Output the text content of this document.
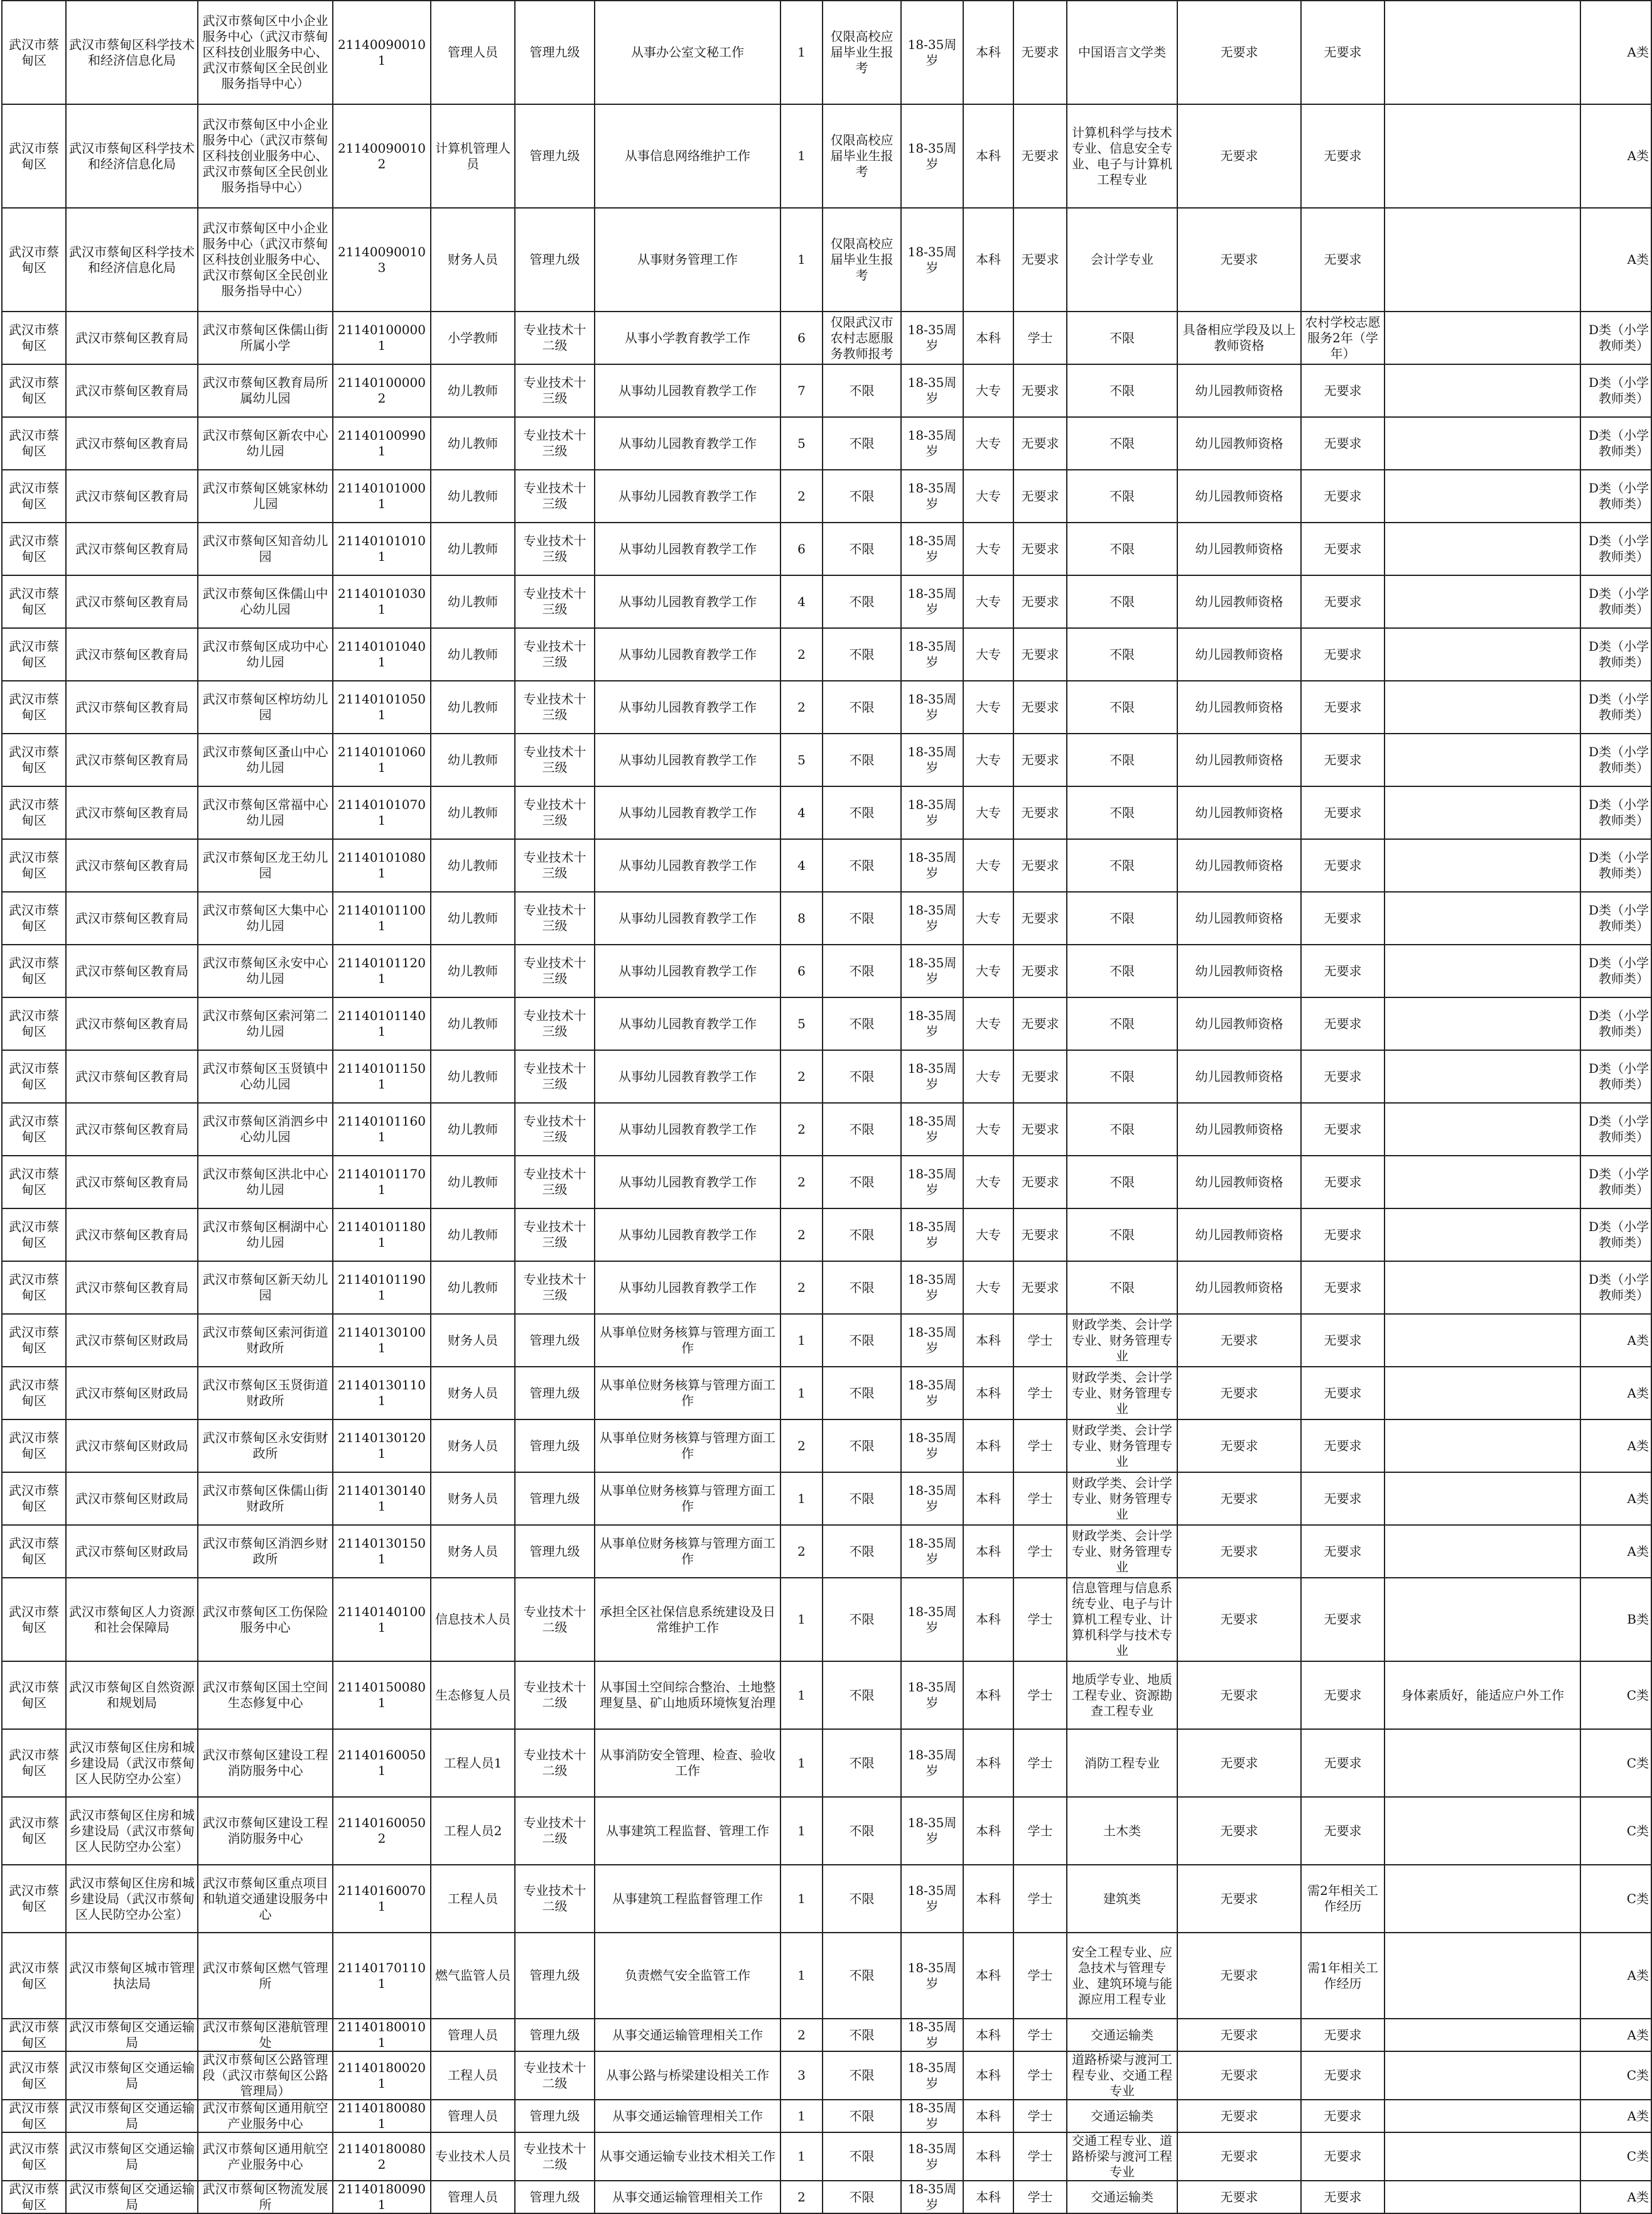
武汉市蔡甸区	武汉市蔡甸区科学技术和经济信息化局	武汉市蔡甸区中小企业服务中心（武汉市蔡甸区科技创业服务中心、武汉市蔡甸区全民创业服务指导中心）	211400900101	管理人员	管理九级	从事办公室文秘工作	1	仅限高校应届毕业生报考	18-35周岁	本科	无要求	中国语言文学类	无要求	无要求		A类
武汉市蔡甸区	武汉市蔡甸区科学技术和经济信息化局	武汉市蔡甸区中小企业服务中心（武汉市蔡甸区科技创业服务中心、武汉市蔡甸区全民创业服务指导中心）	211400900102	计算机管理人员	管理九级	从事信息网络维护工作	1	仅限高校应届毕业生报考	18-35周岁	本科	无要求	计算机科学与技术专业、信息安全专业、电子与计算机工程专业	无要求	无要求		A类
武汉市蔡甸区	武汉市蔡甸区科学技术和经济信息化局	武汉市蔡甸区中小企业服务中心（武汉市蔡甸区科技创业服务中心、武汉市蔡甸区全民创业服务指导中心）	211400900103	财务人员	管理九级	从事财务管理工作	1	仅限高校应届毕业生报考	18-35周岁	本科	无要求	会计学专业	无要求	无要求		A类
武汉市蔡甸区	武汉市蔡甸区教育局	武汉市蔡甸区侏儒山街所属小学	211401000001	小学教师	专业技术十二级	从事小学教育教学工作	6	仅限武汉市农村志愿服务教师报考	18-35周岁	本科	学士	不限	具备相应学段及以上教师资格	农村学校志愿服务2年（学年）		D类（小学教师类）
武汉市蔡甸区	武汉市蔡甸区教育局	武汉市蔡甸区教育局所属幼儿园	211401000002	幼儿教师	专业技术十三级	从事幼儿园教育教学工作	7	不限	18-35周岁	大专	无要求	不限	幼儿园教师资格	无要求		D类（小学教师类）
武汉市蔡甸区	武汉市蔡甸区教育局	武汉市蔡甸区新农中心幼儿园	211401009901	幼儿教师	专业技术十三级	从事幼儿园教育教学工作	5	不限	18-35周岁	大专	无要求	不限	幼儿园教师资格	无要求		D类（小学教师类）
武汉市蔡甸区	武汉市蔡甸区教育局	武汉市蔡甸区姚家林幼儿园	211401010001	幼儿教师	专业技术十三级	从事幼儿园教育教学工作	2	不限	18-35周岁	大专	无要求	不限	幼儿园教师资格	无要求		D类（小学教师类）
武汉市蔡甸区	武汉市蔡甸区教育局	武汉市蔡甸区知音幼儿园	211401010101	幼儿教师	专业技术十三级	从事幼儿园教育教学工作	6	不限	18-35周岁	大专	无要求	不限	幼儿园教师资格	无要求		D类（小学教师类）
武汉市蔡甸区	武汉市蔡甸区教育局	武汉市蔡甸区侏儒山中心幼儿园	211401010301	幼儿教师	专业技术十三级	从事幼儿园教育教学工作	4	不限	18-35周岁	大专	无要求	不限	幼儿园教师资格	无要求		D类（小学教师类）
武汉市蔡甸区	武汉市蔡甸区教育局	武汉市蔡甸区成功中心幼儿园	211401010401	幼儿教师	专业技术十三级	从事幼儿园教育教学工作	2	不限	18-35周岁	大专	无要求	不限	幼儿园教师资格	无要求		D类（小学教师类）
武汉市蔡甸区	武汉市蔡甸区教育局	武汉市蔡甸区榨坊幼儿园	211401010501	幼儿教师	专业技术十三级	从事幼儿园教育教学工作	2	不限	18-35周岁	大专	无要求	不限	幼儿园教师资格	无要求		D类（小学教师类）
武汉市蔡甸区	武汉市蔡甸区教育局	武汉市蔡甸区蚤山中心幼儿园	211401010601	幼儿教师	专业技术十三级	从事幼儿园教育教学工作	5	不限	18-35周岁	大专	无要求	不限	幼儿园教师资格	无要求		D类（小学教师类）
武汉市蔡甸区	武汉市蔡甸区教育局	武汉市蔡甸区常福中心幼儿园	211401010701	幼儿教师	专业技术十三级	从事幼儿园教育教学工作	4	不限	18-35周岁	大专	无要求	不限	幼儿园教师资格	无要求		D类（小学教师类）
武汉市蔡甸区	武汉市蔡甸区教育局	武汉市蔡甸区龙王幼儿园	211401010801	幼儿教师	专业技术十三级	从事幼儿园教育教学工作	4	不限	18-35周岁	大专	无要求	不限	幼儿园教师资格	无要求		D类（小学教师类）
武汉市蔡甸区	武汉市蔡甸区教育局	武汉市蔡甸区大集中心幼儿园	211401011001	幼儿教师	专业技术十三级	从事幼儿园教育教学工作	8	不限	18-35周岁	大专	无要求	不限	幼儿园教师资格	无要求		D类（小学教师类）
武汉市蔡甸区	武汉市蔡甸区教育局	武汉市蔡甸区永安中心幼儿园	211401011201	幼儿教师	专业技术十三级	从事幼儿园教育教学工作	6	不限	18-35周岁	大专	无要求	不限	幼儿园教师资格	无要求		D类（小学教师类）
武汉市蔡甸区	武汉市蔡甸区教育局	武汉市蔡甸区索河第二幼儿园	211401011401	幼儿教师	专业技术十三级	从事幼儿园教育教学工作	5	不限	18-35周岁	大专	无要求	不限	幼儿园教师资格	无要求		D类（小学教师类）
武汉市蔡甸区	武汉市蔡甸区教育局	武汉市蔡甸区玉贤镇中心幼儿园	211401011501	幼儿教师	专业技术十三级	从事幼儿园教育教学工作	2	不限	18-35周岁	大专	无要求	不限	幼儿园教师资格	无要求		D类（小学教师类）
武汉市蔡甸区	武汉市蔡甸区教育局	武汉市蔡甸区消泗乡中心幼儿园	211401011601	幼儿教师	专业技术十三级	从事幼儿园教育教学工作	2	不限	18-35周岁	大专	无要求	不限	幼儿园教师资格	无要求		D类（小学教师类）
武汉市蔡甸区	武汉市蔡甸区教育局	武汉市蔡甸区洪北中心幼儿园	211401011701	幼儿教师	专业技术十三级	从事幼儿园教育教学工作	2	不限	18-35周岁	大专	无要求	不限	幼儿园教师资格	无要求		D类（小学教师类）
武汉市蔡甸区	武汉市蔡甸区教育局	武汉市蔡甸区桐湖中心幼儿园	211401011801	幼儿教师	专业技术十三级	从事幼儿园教育教学工作	2	不限	18-35周岁	大专	无要求	不限	幼儿园教师资格	无要求		D类（小学教师类）
武汉市蔡甸区	武汉市蔡甸区教育局	武汉市蔡甸区新天幼儿园	211401011901	幼儿教师	专业技术十三级	从事幼儿园教育教学工作	2	不限	18-35周岁	大专	无要求	不限	幼儿园教师资格	无要求		D类（小学教师类）
武汉市蔡甸区	武汉市蔡甸区财政局	武汉市蔡甸区索河街道财政所	211401301001	财务人员	管理九级	从事单位财务核算与管理方面工作	1	不限	18-35周岁	本科	学士	财政学类、会计学专业、财务管理专业	无要求	无要求		A类
武汉市蔡甸区	武汉市蔡甸区财政局	武汉市蔡甸区玉贤街道财政所	211401301101	财务人员	管理九级	从事单位财务核算与管理方面工作	1	不限	18-35周岁	本科	学士	财政学类、会计学专业、财务管理专业	无要求	无要求		A类
武汉市蔡甸区	武汉市蔡甸区财政局	武汉市蔡甸区永安街财政所	211401301201	财务人员	管理九级	从事单位财务核算与管理方面工作	2	不限	18-35周岁	本科	学士	财政学类、会计学专业、财务管理专业	无要求	无要求		A类
武汉市蔡甸区	武汉市蔡甸区财政局	武汉市蔡甸区侏儒山街财政所	211401301401	财务人员	管理九级	从事单位财务核算与管理方面工作	1	不限	18-35周岁	本科	学士	财政学类、会计学专业、财务管理专业	无要求	无要求		A类
武汉市蔡甸区	武汉市蔡甸区财政局	武汉市蔡甸区消泗乡财政所	211401301501	财务人员	管理九级	从事单位财务核算与管理方面工作	2	不限	18-35周岁	本科	学士	财政学类、会计学专业、财务管理专业	无要求	无要求		A类
武汉市蔡甸区	武汉市蔡甸区人力资源和社会保障局	武汉市蔡甸区工伤保险服务中心	211401401001	信息技术人员	专业技术十二级	承担全区社保信息系统建设及日常维护工作	1	不限	18-35周岁	本科	学士	信息管理与信息系统专业、电子与计算机工程专业、计算机科学与技术专业	无要求	无要求		B类
武汉市蔡甸区	武汉市蔡甸区自然资源和规划局	武汉市蔡甸区国土空间生态修复中心	211401500801	生态修复人员	专业技术十二级	从事国土空间综合整治、土地整理复垦、矿山地质环境恢复治理	1	不限	18-35周岁	本科	学士	地质学专业、地质工程专业、资源勘查工程专业	无要求	无要求	身体素质好，能适应户外工作	C类
武汉市蔡甸区	武汉市蔡甸区住房和城乡建设局（武汉市蔡甸区人民防空办公室）	武汉市蔡甸区建设工程消防服务中心	211401600501	工程人员1	专业技术十二级	从事消防安全管理、检查、验收工作	1	不限	18-35周岁	本科	学士	消防工程专业	无要求	无要求		C类
武汉市蔡甸区	武汉市蔡甸区住房和城乡建设局（武汉市蔡甸区人民防空办公室）	武汉市蔡甸区建设工程消防服务中心	211401600502	工程人员2	专业技术十二级	从事建筑工程监督、管理工作	1	不限	18-35周岁	本科	学士	土木类	无要求	无要求		C类
武汉市蔡甸区	武汉市蔡甸区住房和城乡建设局（武汉市蔡甸区人民防空办公室）	武汉市蔡甸区重点项目和轨道交通建设服务中心	211401600701	工程人员	专业技术十二级	从事建筑工程监督管理工作	1	不限	18-35周岁	本科	学士	建筑类	无要求	需2年相关工作经历		C类
武汉市蔡甸区	武汉市蔡甸区城市管理执法局	武汉市蔡甸区燃气管理所	211401701101	燃气监管人员	管理九级	负责燃气安全监管工作	1	不限	18-35周岁	本科	学士	安全工程专业、应急技术与管理专业、建筑环境与能源应用工程专业	无要求	需1年相关工作经历		A类
武汉市蔡甸区	武汉市蔡甸区交通运输局	武汉市蔡甸区港航管理处	211401800101	管理人员	管理九级	从事交通运输管理相关工作	2	不限	18-35周岁	本科	学士	交通运输类	无要求	无要求		A类
武汉市蔡甸区	武汉市蔡甸区交通运输局	武汉市蔡甸区公路管理段（武汉市蔡甸区公路管理局）	211401800201	工程人员	专业技术十二级	从事公路与桥梁建设相关工作	3	不限	18-35周岁	本科	学士	道路桥梁与渡河工程专业、交通工程专业	无要求	无要求		C类
武汉市蔡甸区	武汉市蔡甸区交通运输局	武汉市蔡甸区通用航空产业服务中心	211401800801	管理人员	管理九级	从事交通运输管理相关工作	1	不限	18-35周岁	本科	学士	交通运输类	无要求	无要求		A类
武汉市蔡甸区	武汉市蔡甸区交通运输局	武汉市蔡甸区通用航空产业服务中心	211401800802	专业技术人员	专业技术十二级	从事交通运输专业技术相关工作	1	不限	18-35周岁	本科	学士	交通工程专业、道路桥梁与渡河工程专业	无要求	无要求		C类
武汉市蔡甸区	武汉市蔡甸区交通运输局	武汉市蔡甸区物流发展所	211401800901	管理人员	管理九级	从事交通运输管理相关工作	2	不限	18-35周岁	本科	学士	交通运输类	无要求	无要求		A类
